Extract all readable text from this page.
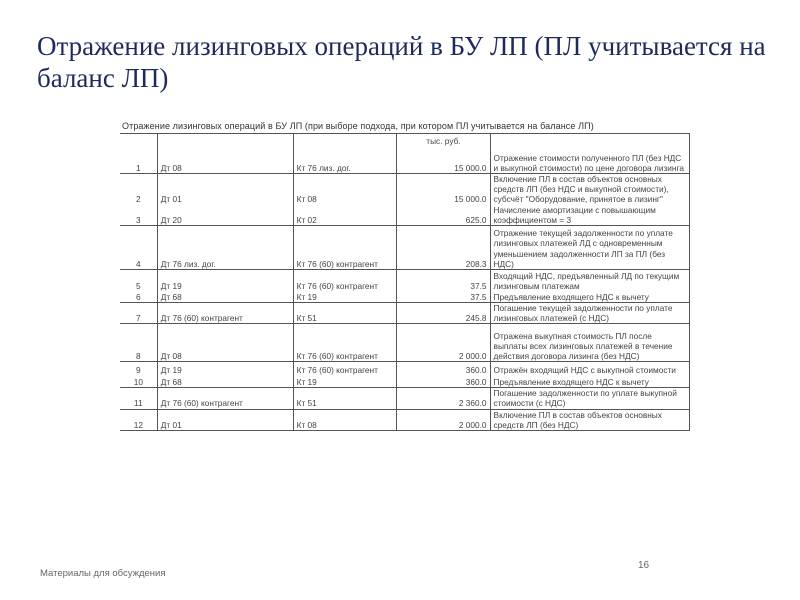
Отражение лизинговых операций в БУ ЛП (ПЛ учитывается на баланс ЛП)
Отражение лизинговых операций в БУ ЛП (при выборе подхода, при котором ПЛ учитывается на балансе ЛП)
			тыс. руб.	
1	Дт 08	Кт 76 лиз. дог.	15 000.0	Отражение стоимости полученного ПЛ (без НДС и выкупной стоимости) по цене договора лизинга
2	Дт 01	Кт 08	15 000.0	Включение ПЛ в состав объектов основных средств ЛП (без НДС и выкупной стоимости), субсчёт "Оборудование, принятое в лизинг"
3	Дт 20	Кт 02	625.0	Начисление амортизации с повышающим коэффициентом = 3
4	Дт 76 лиз. дог.	Кт 76 (60) контрагент	208.3	Отражение текущей задолженности по уплате лизинговых платежей ЛД с одновременным уменьшением задолженности ЛП за ПЛ (без НДС)
5	Дт 19	Кт 76 (60) контрагент	37.5	Входящий НДС, предъявленный ЛД по текущим лизинговым платежам
6	Дт 68	Кт 19	37.5	Предъявление входящего НДС к вычету
7	Дт 76 (60) контрагент	Кт 51	245.8	Погашение текущей задолженности по уплате лизинговых платежей (с НДС)
8	Дт 08	Кт 76 (60) контрагент	2 000.0	Отражена выкупная стоимость ПЛ после выплаты всех лизинговых платежей в течение действия договора лизинга (без НДС)
9	Дт 19	Кт 76 (60) контрагент	360.0	Отражён входящий НДС с выкупной стоимости
10	Дт 68	Кт 19	360.0	Предъявление входящего НДС к вычету
11	Дт 76 (60) контрагент	Кт 51	2 360.0	Погашение задолженности по уплате выкупной стоимости (с НДС)
12	Дт 01	Кт 08	2 000.0	Включение ПЛ в состав объектов основных средств ЛП (без НДС)
Материалы для обсуждения
16
